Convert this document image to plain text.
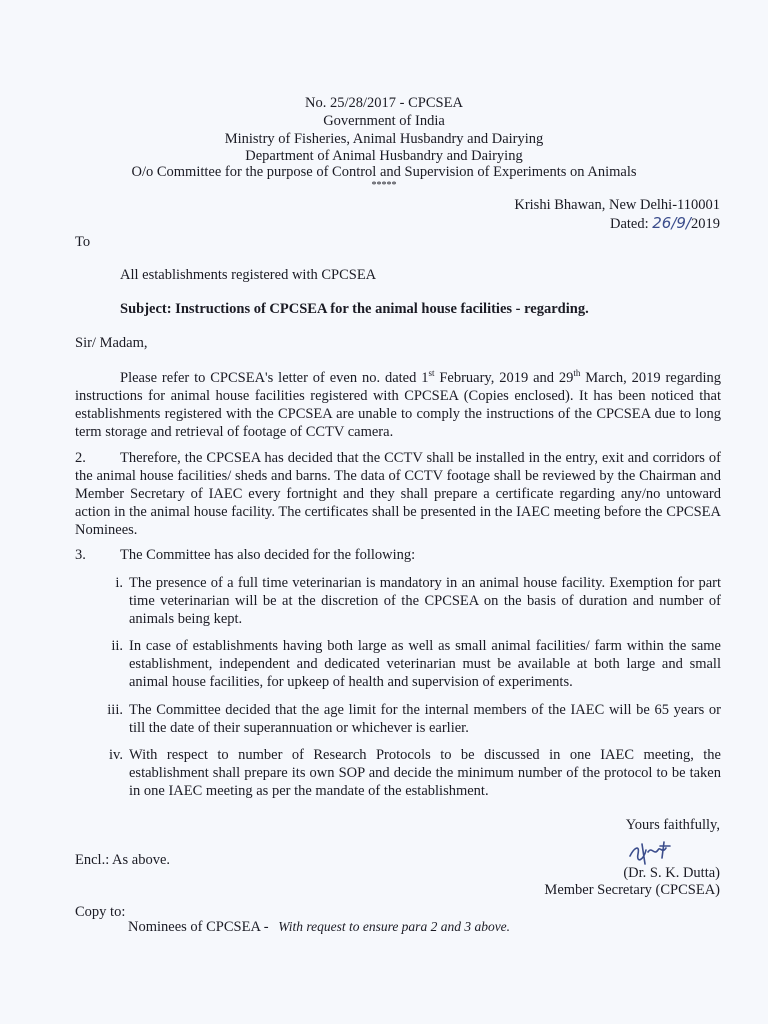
No. 25/28/2017 - CPCSEA
Government of India
Ministry of Fisheries, Animal Husbandry and Dairying
Department of Animal Husbandry and Dairying
O/o Committee for the purpose of Control and Supervision of Experiments on Animals
*****
Krishi Bhawan, New Delhi-110001
Dated: 26/9/2019
To
All establishments registered with CPCSEA
Subject: Instructions of CPCSEA for the animal house facilities - regarding.
Sir/ Madam,
Please refer to CPCSEA's letter of even no. dated 1st February, 2019 and 29th March, 2019 regarding instructions for animal house facilities registered with CPCSEA (Copies enclosed). It has been noticed that establishments registered with the CPCSEA are unable to comply the instructions of the CPCSEA due to long term storage and retrieval of footage of CCTV camera.
2. Therefore, the CPCSEA has decided that the CCTV shall be installed in the entry, exit and corridors of the animal house facilities/ sheds and barns. The data of CCTV footage shall be reviewed by the Chairman and Member Secretary of IAEC every fortnight and they shall prepare a certificate regarding any/no untoward action in the animal house facility. The certificates shall be presented in the IAEC meeting before the CPCSEA Nominees.
3. The Committee has also decided for the following:
i. The presence of a full time veterinarian is mandatory in an animal house facility. Exemption for part time veterinarian will be at the discretion of the CPCSEA on the basis of duration and number of animals being kept.
ii. In case of establishments having both large as well as small animal facilities/ farm within the same establishment, independent and dedicated veterinarian must be available at both large and small animal house facilities, for upkeep of health and supervision of experiments.
iii. The Committee decided that the age limit for the internal members of the IAEC will be 65 years or till the date of their superannuation or whichever is earlier.
iv. With respect to number of Research Protocols to be discussed in one IAEC meeting, the establishment shall prepare its own SOP and decide the minimum number of the protocol to be taken in one IAEC meeting as per the mandate of the establishment.
Yours faithfully,
(Dr. S. K. Dutta)
Member Secretary (CPCSEA)
Encl.: As above.
Copy to:
Nominees of CPCSEA - With request to ensure para 2 and 3 above.
